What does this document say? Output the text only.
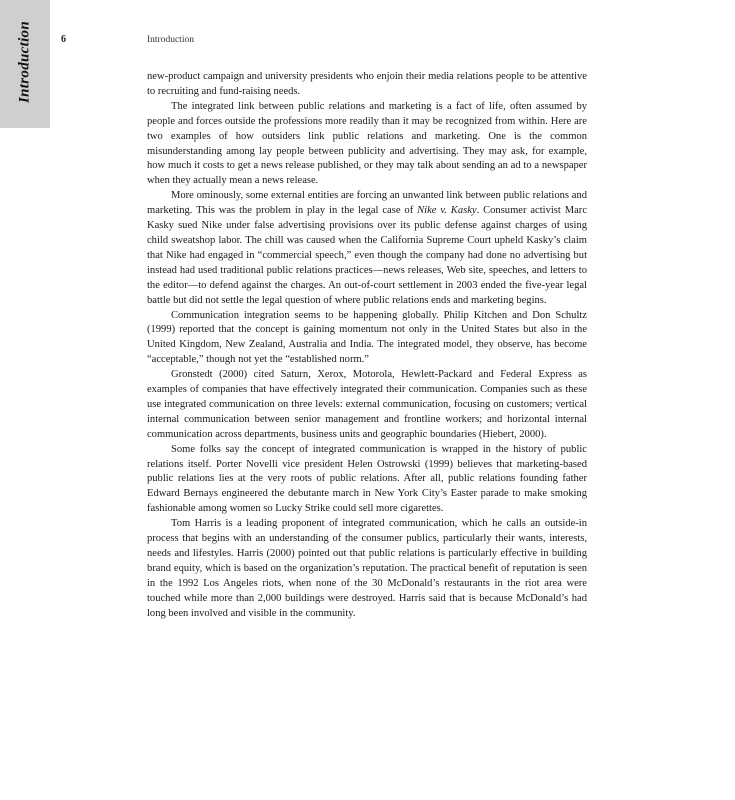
Introduction	6	Introduction

new-product campaign and university presidents who enjoin their media relations people to be attentive to recruiting and fund-raising needs.

The integrated link between public relations and marketing is a fact of life, often assumed by people and forces outside the professions more readily than it may be recognized from within. Here are two examples of how outsiders link public relations and marketing. One is the common misunderstanding among lay people between publicity and advertising. They may ask, for example, how much it costs to get a news release published, or they may talk about sending an ad to a newspaper when they actually mean a news release.

More ominously, some external entities are forcing an unwanted link between public relations and marketing. This was the problem in play in the legal case of Nike v. Kasky. Consumer activist Marc Kasky sued Nike under false advertising provisions over its public defense against charges of using child sweatshop labor. The chill was caused when the California Supreme Court upheld Kasky’s claim that Nike had engaged in “commercial speech,” even though the company had done no advertising but instead had used traditional public relations practices—news releases, Web site, speeches, and letters to the editor—to defend against the charges. An out-of-court settlement in 2003 ended the five-year legal battle but did not settle the legal question of where public relations ends and marketing begins.

Communication integration seems to be happening globally. Philip Kitchen and Don Schultz (1999) reported that the concept is gaining momentum not only in the United States but also in the United Kingdom, New Zealand, Australia and India. The integrated model, they observe, has become “acceptable,” though not yet the “established norm.”

Gronstedt (2000) cited Saturn, Xerox, Motorola, Hewlett-Packard and Federal Express as examples of companies that have effectively integrated their communication. Companies such as these use integrated communication on three levels: external communication, focusing on customers; vertical internal communication between senior management and frontline workers; and horizontal internal communication across departments, business units and geographic boundaries (Hiebert, 2000).

Some folks say the concept of integrated communication is wrapped in the history of public relations itself. Porter Novelli vice president Helen Ostrowski (1999) believes that marketing-based public relations lies at the very roots of public relations. After all, public relations founding father Edward Bernays engineered the debutante march in New York City’s Easter parade to make smoking fashionable among women so Lucky Strike could sell more cigarettes.

Tom Harris is a leading proponent of integrated communication, which he calls an outside-in process that begins with an understanding of the consumer publics, particularly their wants, interests, needs and lifestyles. Harris (2000) pointed out that public relations is particularly effective in building brand equity, which is based on the organization’s reputation. The practical benefit of reputation is seen in the 1992 Los Angeles riots, when none of the 30 McDonald’s restaurants in the riot area were touched while more than 2,000 buildings were destroyed. Harris said that is because McDonald’s had long been involved and visible in the community.
